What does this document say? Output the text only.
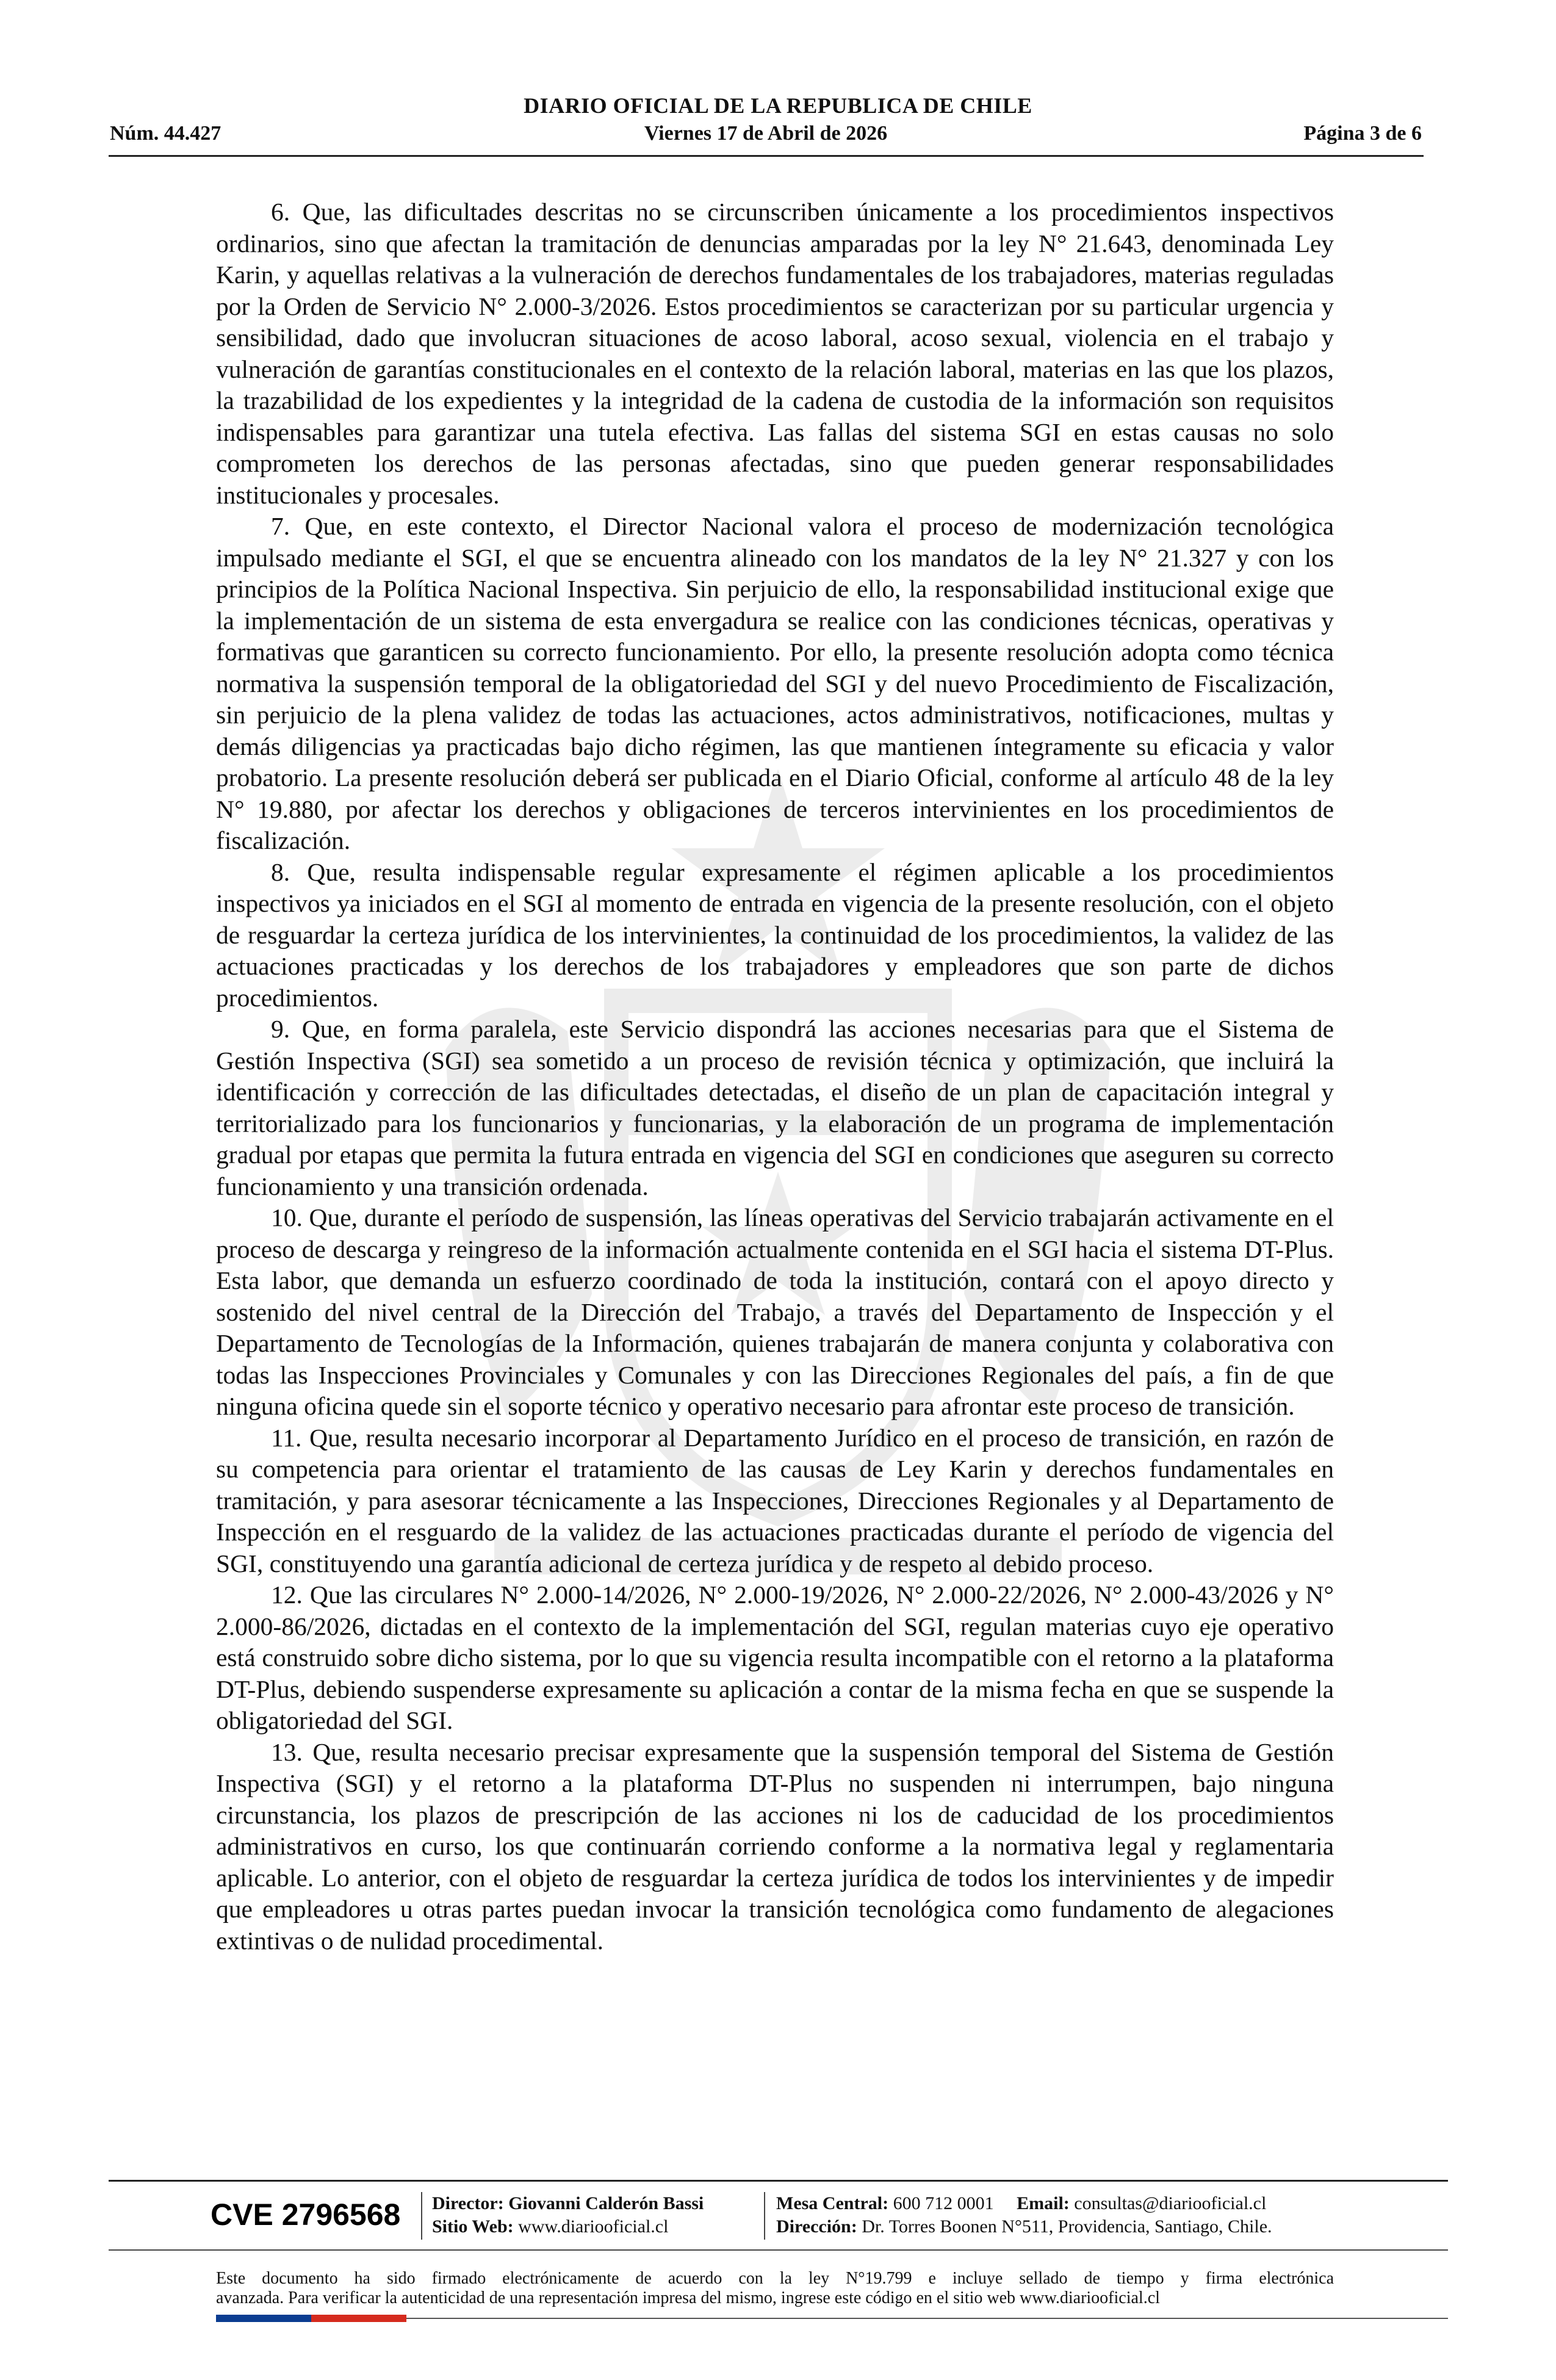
DIARIO OFICIAL DE LA REPUBLICA DE CHILE
Núm. 44.427	Viernes 17 de Abril de 2026	Página 3 de 6

6. Que, las dificultades descritas no se circunscriben únicamente a los procedimientos inspectivos ordinarios, sino que afectan la tramitación de denuncias amparadas por la ley N° 21.643, denominada Ley Karin, y aquellas relativas a la vulneración de derechos fundamentales de los trabajadores, materias reguladas por la Orden de Servicio N° 2.000-3/2026. Estos procedimientos se caracterizan por su particular urgencia y sensibilidad, dado que involucran situaciones de acoso laboral, acoso sexual, violencia en el trabajo y vulneración de garantías constitucionales en el contexto de la relación laboral, materias en las que los plazos, la trazabilidad de los expedientes y la integridad de la cadena de custodia de la información son requisitos indispensables para garantizar una tutela efectiva. Las fallas del sistema SGI en estas causas no solo comprometen los derechos de las personas afectadas, sino que pueden generar responsabilidades institucionales y procesales.

7. Que, en este contexto, el Director Nacional valora el proceso de modernización tecnológica impulsado mediante el SGI, el que se encuentra alineado con los mandatos de la ley N° 21.327 y con los principios de la Política Nacional Inspectiva. Sin perjuicio de ello, la responsabilidad institucional exige que la implementación de un sistema de esta envergadura se realice con las condiciones técnicas, operativas y formativas que garanticen su correcto funcionamiento. Por ello, la presente resolución adopta como técnica normativa la suspensión temporal de la obligatoriedad del SGI y del nuevo Procedimiento de Fiscalización, sin perjuicio de la plena validez de todas las actuaciones, actos administrativos, notificaciones, multas y demás diligencias ya practicadas bajo dicho régimen, las que mantienen íntegramente su eficacia y valor probatorio. La presente resolución deberá ser publicada en el Diario Oficial, conforme al artículo 48 de la ley N° 19.880, por afectar los derechos y obligaciones de terceros intervinientes en los procedimientos de fiscalización.

8. Que, resulta indispensable regular expresamente el régimen aplicable a los procedimientos inspectivos ya iniciados en el SGI al momento de entrada en vigencia de la presente resolución, con el objeto de resguardar la certeza jurídica de los intervinientes, la continuidad de los procedimientos, la validez de las actuaciones practicadas y los derechos de los trabajadores y empleadores que son parte de dichos procedimientos.

9. Que, en forma paralela, este Servicio dispondrá las acciones necesarias para que el Sistema de Gestión Inspectiva (SGI) sea sometido a un proceso de revisión técnica y optimización, que incluirá la identificación y corrección de las dificultades detectadas, el diseño de un plan de capacitación integral y territorializado para los funcionarios y funcionarias, y la elaboración de un programa de implementación gradual por etapas que permita la futura entrada en vigencia del SGI en condiciones que aseguren su correcto funcionamiento y una transición ordenada.

10. Que, durante el período de suspensión, las líneas operativas del Servicio trabajarán activamente en el proceso de descarga y reingreso de la información actualmente contenida en el SGI hacia el sistema DT-Plus. Esta labor, que demanda un esfuerzo coordinado de toda la institución, contará con el apoyo directo y sostenido del nivel central de la Dirección del Trabajo, a través del Departamento de Inspección y el Departamento de Tecnologías de la Información, quienes trabajarán de manera conjunta y colaborativa con todas las Inspecciones Provinciales y Comunales y con las Direcciones Regionales del país, a fin de que ninguna oficina quede sin el soporte técnico y operativo necesario para afrontar este proceso de transición.

11. Que, resulta necesario incorporar al Departamento Jurídico en el proceso de transición, en razón de su competencia para orientar el tratamiento de las causas de Ley Karin y derechos fundamentales en tramitación, y para asesorar técnicamente a las Inspecciones, Direcciones Regionales y al Departamento de Inspección en el resguardo de la validez de las actuaciones practicadas durante el período de vigencia del SGI, constituyendo una garantía adicional de certeza jurídica y de respeto al debido proceso.

12. Que las circulares N° 2.000-14/2026, N° 2.000-19/2026, N° 2.000-22/2026, N° 2.000-43/2026 y N° 2.000-86/2026, dictadas en el contexto de la implementación del SGI, regulan materias cuyo eje operativo está construido sobre dicho sistema, por lo que su vigencia resulta incompatible con el retorno a la plataforma DT-Plus, debiendo suspenderse expresamente su aplicación a contar de la misma fecha en que se suspende la obligatoriedad del SGI.

13. Que, resulta necesario precisar expresamente que la suspensión temporal del Sistema de Gestión Inspectiva (SGI) y el retorno a la plataforma DT-Plus no suspenden ni interrumpen, bajo ninguna circunstancia, los plazos de prescripción de las acciones ni los de caducidad de los procedimientos administrativos en curso, los que continuarán corriendo conforme a la normativa legal y reglamentaria aplicable. Lo anterior, con el objeto de resguardar la certeza jurídica de todos los intervinientes y de impedir que empleadores u otras partes puedan invocar la transición tecnológica como fundamento de alegaciones extintivas o de nulidad procedimental.

CVE 2796568 Director: Giovanni Calderón Bassi
Sitio Web: www.diariooficial.cl
Mesa Central: 600 712 0001 Email: consultas@diariooficial.cl
Dirección: Dr. Torres Boonen N°511, Providencia, Santiago, Chile.
Este documento ha sido firmado electrónicamente de acuerdo con la ley N°19.799 e incluye sellado de tiempo y firma electrónica
avanzada. Para verificar la autenticidad de una representación impresa del mismo, ingrese este código en el sitio web www.diariooficial.cl
